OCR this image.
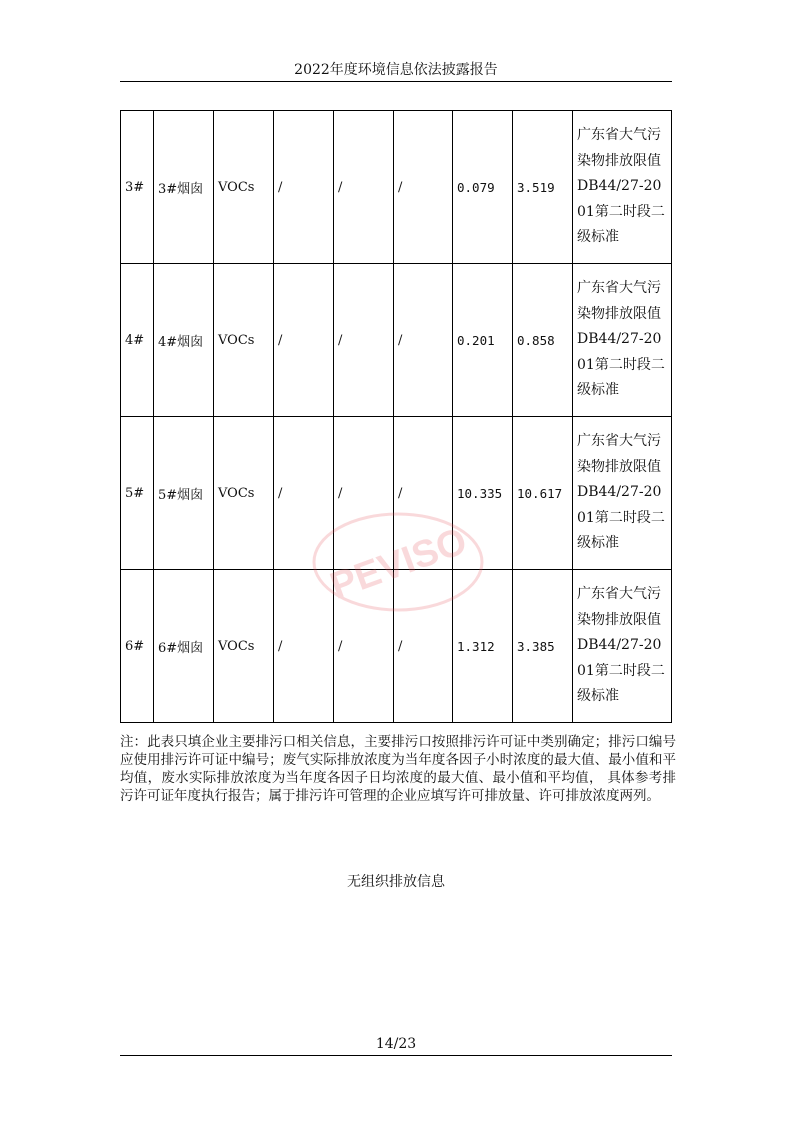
2022年度环境信息依法披露报告
3#	3#烟囱	VOCs	/	/	/	0.079	3.519	广东省大气污染物排放限值 DB44/27-2001第二时段二级标准
4#	4#烟囱	VOCs	/	/	/	0.201	0.858	广东省大气污染物排放限值 DB44/27-2001第二时段二级标准
5#	5#烟囱	VOCs	/	/	/	10.335	10.617	广东省大气污染物排放限值 DB44/27-2001第二时段二级标准
6#	6#烟囱	VOCs	/	/	/	1.312	3.385	广东省大气污染物排放限值 DB44/27-2001第二时段二级标准
PEVISO
注：此表只填企业主要排污口相关信息，主要排污口按照排污许可证中类别确定；排污口编号应使用排污许可证中编号；废气实际排放浓度为当年度各因子小时浓度的最大值、最小值和平均值，废水实际排放浓度为当年度各因子日均浓度的最大值、最小值和平均值， 具体参考排污许可证年度执行报告；属于排污许可管理的企业应填写许可排放量、许可排放浓度两列。
无组织排放信息
14/23
